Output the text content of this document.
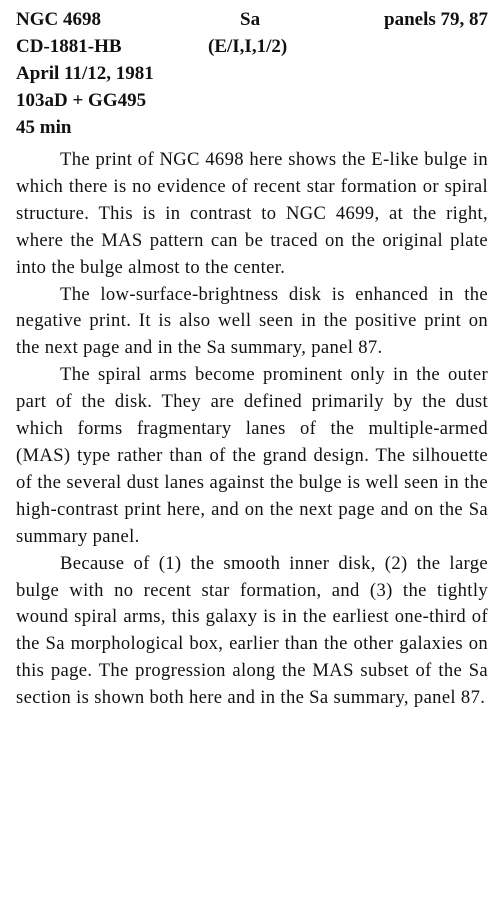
NGC 4698	Sa	panels 79, 87
CD-1881-HB	(E/I,I,1/2)
April 11/12, 1981
103aD + GG495
45 min

The print of NGC 4698 here shows the E-like bulge in which there is no evidence of recent star formation or spiral structure. This is in contrast to NGC 4699, at the right, where the MAS pattern can be traced on the original plate into the bulge almost to the center.

The low-surface-brightness disk is enhanced in the negative print. It is also well seen in the positive print on the next page and in the Sa summary, panel 87.

The spiral arms become prominent only in the outer part of the disk. They are defined primarily by the dust which forms fragmentary lanes of the multiple-armed (MAS) type rather than of the grand design. The silhouette of the several dust lanes against the bulge is well seen in the high-contrast print here, and on the next page and on the Sa summary panel.

Because of (1) the smooth inner disk, (2) the large bulge with no recent star formation, and (3) the tightly wound spiral arms, this galaxy is in the earliest one-third of the Sa morphological box, earlier than the other galaxies on this page. The progression along the MAS subset of the Sa section is shown both here and in the Sa summary, panel 87.
